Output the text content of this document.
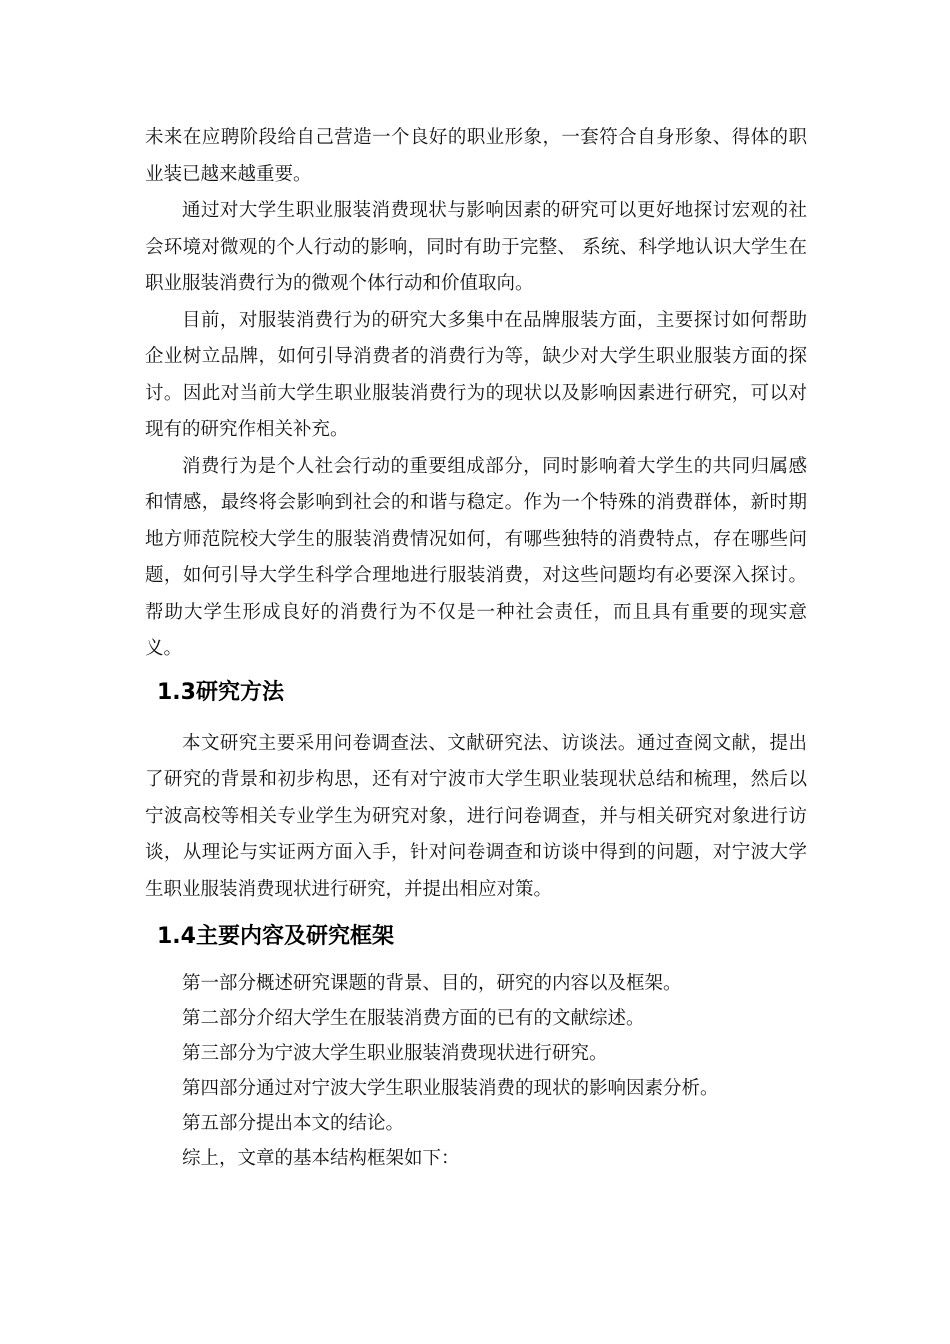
未来在应聘阶段给自己营造一个良好的职业形象，一套符合自身形象、得体的职业装已越来越重要。

通过对大学生职业服装消费现状与影响因素的研究可以更好地探讨宏观的社会环境对微观的个人行动的影响，同时有助于完整、 系统、科学地认识大学生在职业服装消费行为的微观个体行动和价值取向。

目前，对服装消费行为的研究大多集中在品牌服装方面，主要探讨如何帮助企业树立品牌，如何引导消费者的消费行为等，缺少对大学生职业服装方面的探讨。因此对当前大学生职业服装消费行为的现状以及影响因素进行研究，可以对现有的研究作相关补充。

消费行为是个人社会行动的重要组成部分，同时影响着大学生的共同归属感和情感，最终将会影响到社会的和谐与稳定。作为一个特殊的消费群体，新时期地方师范院校大学生的服装消费情况如何，有哪些独特的消费特点，存在哪些问题，如何引导大学生科学合理地进行服装消费，对这些问题均有必要深入探讨。帮助大学生形成良好的消费行为不仅是一种社会责任，而且具有重要的现实意义。

1.3研究方法

本文研究主要采用问卷调查法、文献研究法、访谈法。通过查阅文献，提出了研究的背景和初步构思，还有对宁波市大学生职业装现状总结和梳理，然后以宁波高校等相关专业学生为研究对象，进行问卷调查，并与相关研究对象进行访谈，从理论与实证两方面入手，针对问卷调查和访谈中得到的问题，对宁波大学生职业服装消费现状进行研究，并提出相应对策。

1.4主要内容及研究框架

第一部分概述研究课题的背景、目的，研究的内容以及框架。

第二部分介绍大学生在服装消费方面的已有的文献综述。

第三部分为宁波大学生职业服装消费现状进行研究。

第四部分通过对宁波大学生职业服装消费的现状的影响因素分析。

第五部分提出本文的结论。

综上，文章的基本结构框架如下：
